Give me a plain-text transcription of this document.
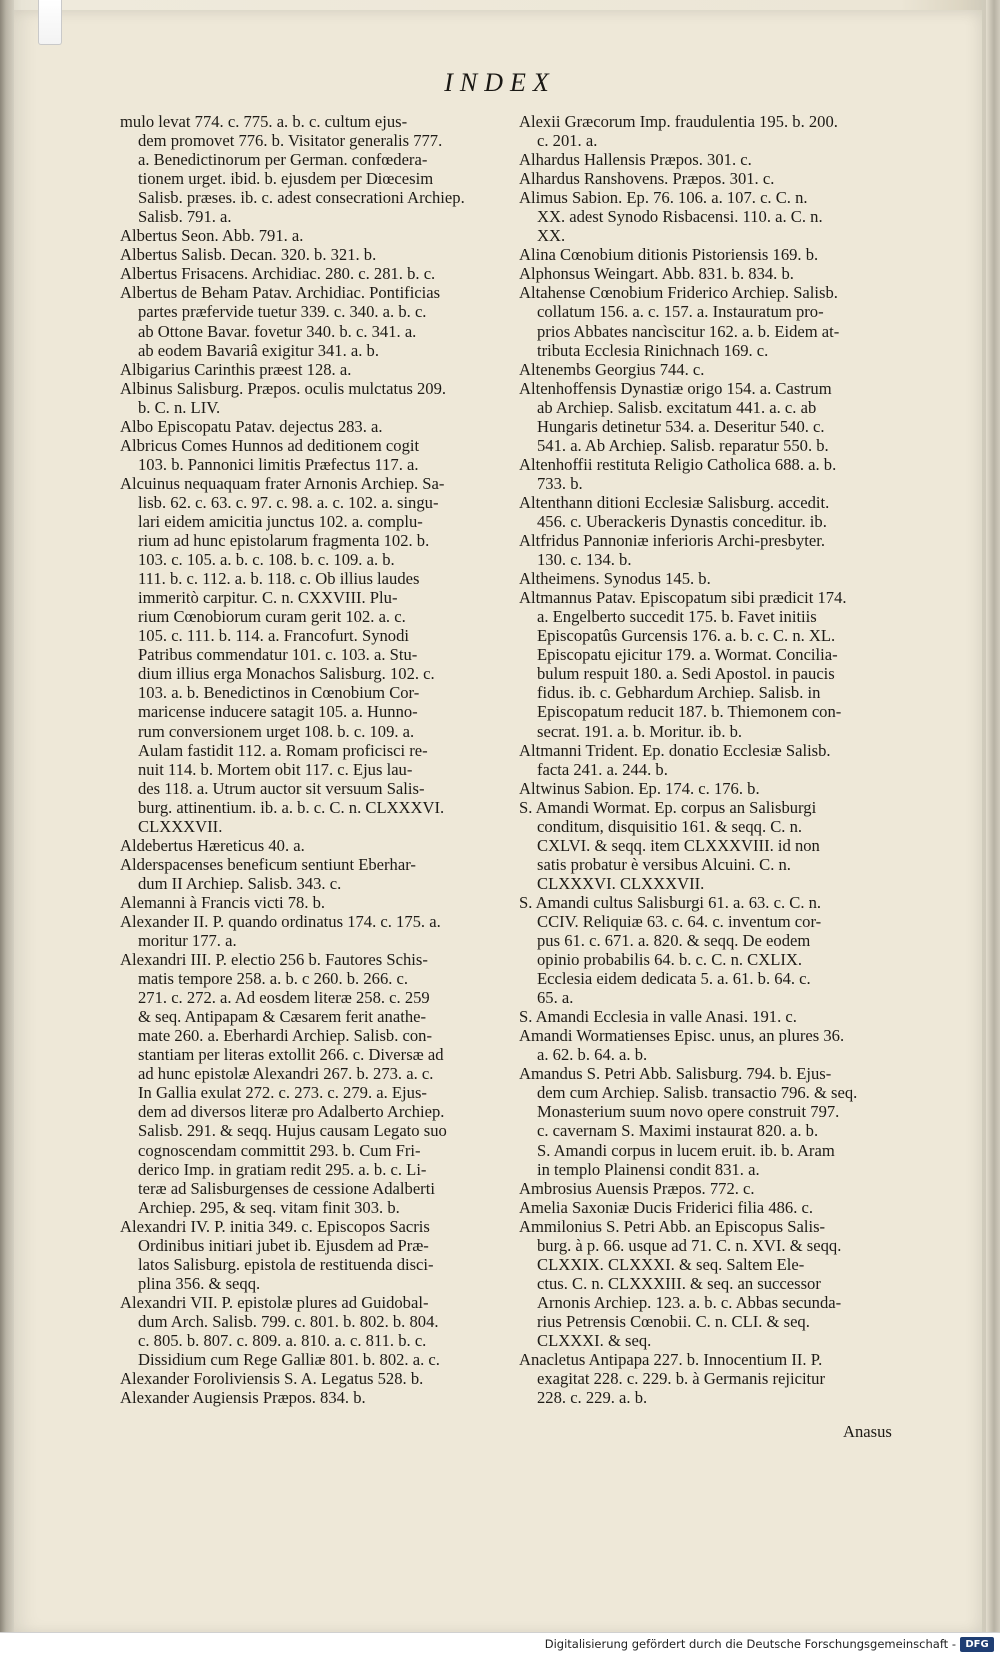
INDEX
mulo levat 774. c. 775. a. b. c. cultum ejus-
dem promovet 776. b. Visitator generalis 777.
a. Benedictinorum per German. confœdera-
tionem urget. ibid. b. ejusdem per Diœcesim
Salisb. præses. ib. c. adest consecrationi Archiep.
Salisb. 791. a.
Albertus Seon. Abb. 791. a.
Albertus Salisb. Decan. 320. b. 321. b.
Albertus Frisacens. Archidiac. 280. c. 281. b. c.
Albertus de Beham Patav. Archidiac. Pontificias
partes præfervide tuetur 339. c. 340. a. b. c.
ab Ottone Bavar. fovetur 340. b. c. 341. a.
ab eodem Bavariâ exigitur 341. a. b.
Albigarius Carinthis præest 128. a.
Albinus Salisburg. Præpos. oculis mulctatus 209.
b. C. n. LIV.
Albo Episcopatu Patav. dejectus 283. a.
Albricus Comes Hunnos ad deditionem cogit
103. b. Pannonici limitis Præfectus 117. a.
Alcuinus nequaquam frater Arnonis Archiep. Sa-
lisb. 62. c. 63. c. 97. c. 98. a. c. 102. a. singu-
lari eidem amicitia junctus 102. a. complu-
rium ad hunc epistolarum fragmenta 102. b.
103. c. 105. a. b. c. 108. b. c. 109. a. b.
111. b. c. 112. a. b. 118. c. Ob illius laudes
immeritò carpitur. C. n. CXXVIII. Plu-
rium Cœnobiorum curam gerit 102. a. c.
105. c. 111. b. 114. a. Francofurt. Synodi
Patribus commendatur 101. c. 103. a. Stu-
dium illius erga Monachos Salisburg. 102. c.
103. a. b. Benedictinos in Cœnobium Cor-
maricense inducere satagit 105. a. Hunno-
rum conversionem urget 108. b. c. 109. a.
Aulam fastidit 112. a. Romam proficisci re-
nuit 114. b. Mortem obit 117. c. Ejus lau-
des 118. a. Utrum auctor sit versuum Salis-
burg. attinentium. ib. a. b. c. C. n. CLXXXVI.
CLXXXVII.
Aldebertus Hæreticus 40. a.
Alderspacenses beneficum sentiunt Eberhar-
dum II Archiep. Salisb. 343. c.
Alemanni à Francis victi 78. b.
Alexander II. P. quando ordinatus 174. c. 175. a.
moritur 177. a.
Alexandri III. P. electio 256 b. Fautores Schis-
matis tempore 258. a. b. c 260. b. 266. c.
271. c. 272. a. Ad eosdem literæ 258. c. 259
& seq. Antipapam & Cæsarem ferit anathe-
mate 260. a. Eberhardi Archiep. Salisb. con-
stantiam per literas extollit 266. c. Diversæ ad
ad hunc epistolæ Alexandri 267. b. 273. a. c.
In Gallia exulat 272. c. 273. c. 279. a. Ejus-
dem ad diversos literæ pro Adalberto Archiep.
Salisb. 291. & seqq. Hujus causam Legato suo
cognoscendam committit 293. b. Cum Fri-
derico Imp. in gratiam redit 295. a. b. c. Li-
teræ ad Salisburgenses de cessione Adalberti
Archiep. 295, & seq. vitam finit 303. b.
Alexandri IV. P. initia 349. c. Episcopos Sacris
Ordinibus initiari jubet ib. Ejusdem ad Præ-
latos Salisburg. epistola de restituenda disci-
plina 356. & seqq.
Alexandri VII. P. epistolæ plures ad Guidobal-
dum Arch. Salisb. 799. c. 801. b. 802. b. 804.
c. 805. b. 807. c. 809. a. 810. a. c. 811. b. c.
Dissidium cum Rege Galliæ 801. b. 802. a. c.
Alexander Foroliviensis S. A. Legatus 528. b.
Alexander Augiensis Præpos. 834. b.
Alexii Græcorum Imp. fraudulentia 195. b. 200.
c. 201. a.
Alhardus Hallensis Præpos. 301. c.
Alhardus Ranshovens. Præpos. 301. c.
Alimus Sabion. Ep. 76. 106. a. 107. c. C. n.
XX. adest Synodo Risbacensi. 110. a. C. n.
XX.
Alina Cœnobium ditionis Pistoriensis 169. b.
Alphonsus Weingart. Abb. 831. b. 834. b.
Altahense Cœnobium Friderico Archiep. Salisb.
collatum 156. a. c. 157. a. Instauratum pro-
prios Abbates nancìscitur 162. a. b. Eidem at-
tributa Ecclesia Rinichnach 169. c.
Altenembs Georgius 744. c.
Altenhoffensis Dynastiæ origo 154. a. Castrum
ab Archiep. Salisb. excitatum 441. a. c. ab
Hungaris detinetur 534. a. Deseritur 540. c.
541. a. Ab Archiep. Salisb. reparatur 550. b.
Altenhoffii restituta Religio Catholica 688. a. b.
733. b.
Altenthann ditioni Ecclesiæ Salisburg. accedit.
456. c. Uberackeris Dynastis conceditur. ib.
Altfridus Pannoniæ inferioris Archi-presbyter.
130. c. 134. b.
Altheimens. Synodus 145. b.
Altmannus Patav. Episcopatum sibi prædicit 174.
a. Engelberto succedit 175. b. Favet initiis
Episcopatûs Gurcensis 176. a. b. c. C. n. XL.
Episcopatu ejicitur 179. a. Wormat. Concilia-
bulum respuit 180. a. Sedi Apostol. in paucis
fidus. ib. c. Gebhardum Archiep. Salisb. in
Episcopatum reducit 187. b. Thiemonem con-
secrat. 191. a. b. Moritur. ib. b.
Altmanni Trident. Ep. donatio Ecclesiæ Salisb.
facta 241. a. 244. b.
Altwinus Sabion. Ep. 174. c. 176. b.
S. Amandi Wormat. Ep. corpus an Salisburgi
conditum, disquisitio 161. & seqq. C. n.
CXLVI. & seqq. item CLXXXVIII. id non
satis probatur è versibus Alcuini. C. n.
CLXXXVI. CLXXXVII.
S. Amandi cultus Salisburgi 61. a. 63. c. C. n.
CCIV. Reliquiæ 63. c. 64. c. inventum cor-
pus 61. c. 671. a. 820. & seqq. De eodem
opinio probabilis 64. b. c. C. n. CXLIX.
Ecclesia eidem dedicata 5. a. 61. b. 64. c.
65. a.
S. Amandi Ecclesia in valle Anasi. 191. c.
Amandi Wormatienses Episc. unus, an plures 36.
a. 62. b. 64. a. b.
Amandus S. Petri Abb. Salisburg. 794. b. Ejus-
dem cum Archiep. Salisb. transactio 796. & seq.
Monasterium suum novo opere construit 797.
c. cavernam S. Maximi instaurat 820. a. b.
S. Amandi corpus in lucem eruit. ib. b. Aram
in templo Plainensi condit 831. a.
Ambrosius Auensis Præpos. 772. c.
Amelia Saxoniæ Ducis Friderici filia 486. c.
Ammilonius S. Petri Abb. an Episcopus Salis-
burg. à p. 66. usque ad 71. C. n. XVI. & seqq.
CLXXIX. CLXXXI. & seq. Saltem Ele-
ctus. C. n. CLXXXIII. & seq. an successor
Arnonis Archiep. 123. a. b. c. Abbas secunda-
rius Petrensis Cœnobii. C. n. CLI. & seq.
CLXXXI. & seq.
Anacletus Antipapa 227. b. Innocentium II. P.
exagitat 228. c. 229. b. à Germanis rejicitur
228. c. 229. a. b.
Anasus
Digitalisierung gefördert durch die Deutsche Forschungsgemeinschaft - DFG
